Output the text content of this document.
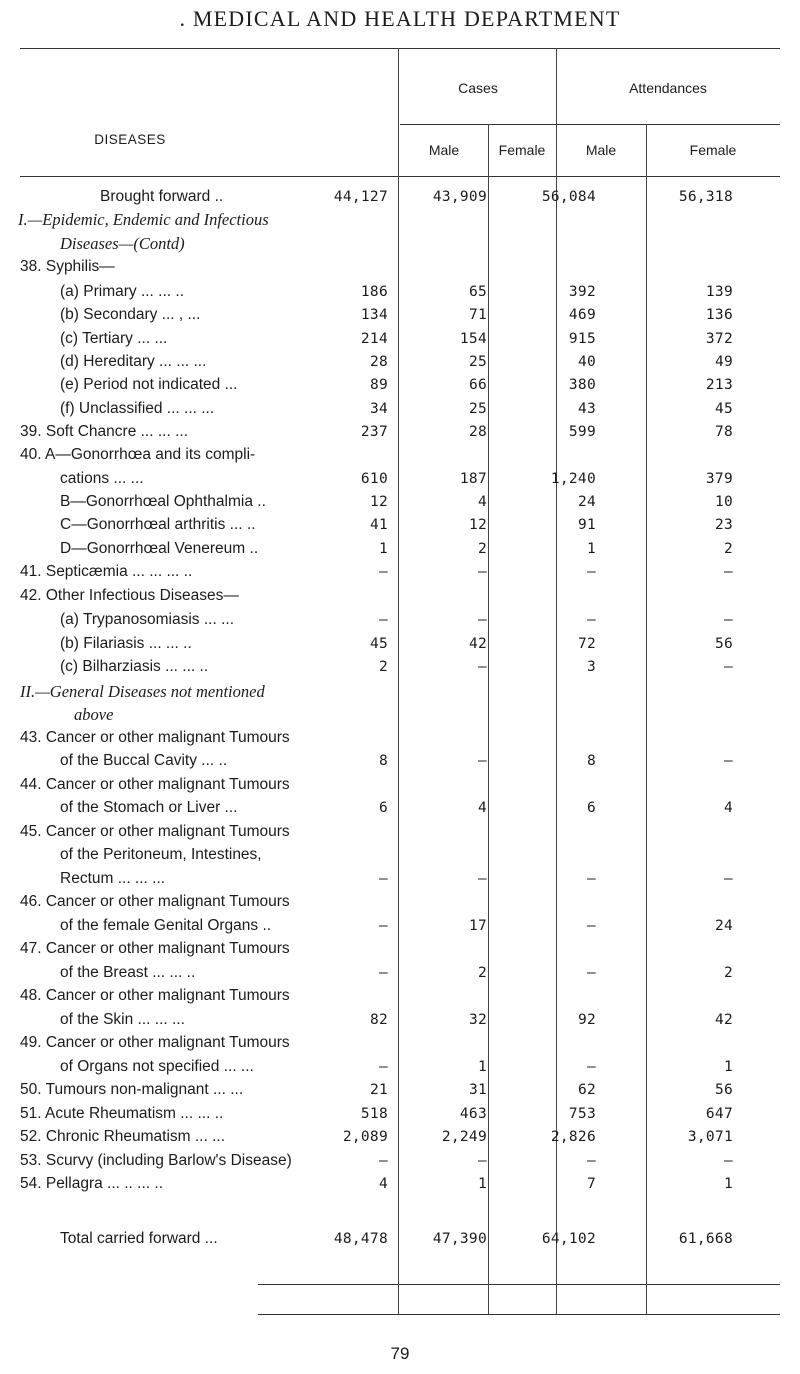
. MEDICAL AND HEALTH DEPARTMENT
DISEASES
Cases	Attendances
Male	Female	Male	Female
Brought forward ..	44,127	43,909	56,084	56,318
I.—Epidemic, Endemic and Infectious
Diseases—(Contd)
38. Syphilis—
(a) Primary ... ... ..	186	65	392	139
(b) Secondary ... , ...	134	71	469	136
(c) Tertiary ... ...	214	154	915	372
(d) Hereditary ... ... ...	28	25	40	49
(e) Period not indicated ...	89	66	380	213
(f) Unclassified ... ... ...	34	25	43	45
39. Soft Chancre ... ... ...	237	28	599	78
40. A—Gonorrhœa and its compli-
cations ... ...	610	187	1,240	379
B—Gonorrhœal Ophthalmia ..	12	4	24	10
C—Gonorrhœal arthritis ... ..	41	12	91	23
D—Gonorrhœal Venereum ..	1	2	1	2
41. Septicæmia ... ... ... ..	—	—	—	—
42. Other Infectious Diseases—
(a) Trypanosomiasis ... ...	—	—	—	—
(b) Filariasis ... ... ..	45	42	72	56
(c) Bilharziasis ... ... ..	2	—	3	—
II.—General Diseases not mentioned
above
43. Cancer or other malignant Tumours
of the Buccal Cavity ... ..	8	—	8	—
44. Cancer or other malignant Tumours
of the Stomach or Liver ...	6	4	6	4
45. Cancer or other malignant Tumours
of the Peritoneum, Intestines,
Rectum ... ... ...	—	—	—	—
46. Cancer or other malignant Tumours
of the female Genital Organs ..	—	17	—	24
47. Cancer or other malignant Tumours
of the Breast ... ... ..	—	2	—	2
48. Cancer or other malignant Tumours
of the Skin ... ... ...	82	32	92	42
49. Cancer or other malignant Tumours
of Organs not specified ... ...	—	1	—	1
50. Tumours non-malignant ... ...	21	31	62	56
51. Acute Rheumatism ... ... ..	518	463	753	647
52. Chronic Rheumatism ... ...	2,089	2,249	2,826	3,071
53. Scurvy (including Barlow's Disease)	—	—	—	—
54. Pellagra ... .. ... ..	4	1	7	1
Total carried forward ...	48,478	47,390	64,102	61,668
79
